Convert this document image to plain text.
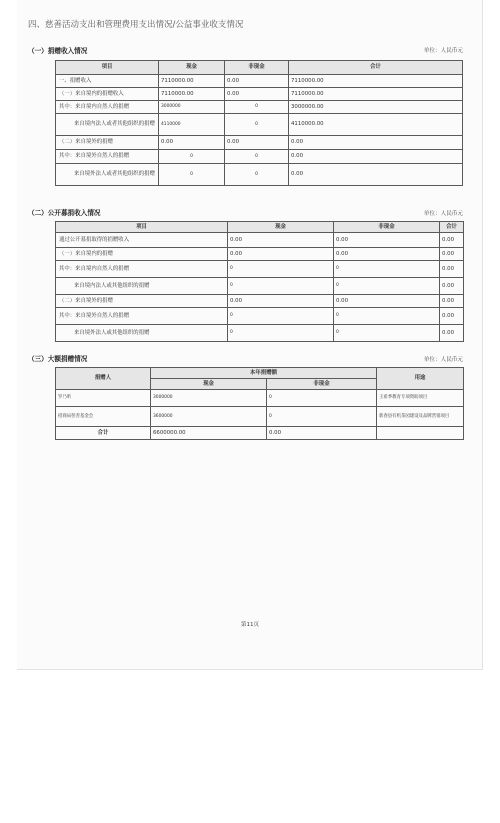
四、慈善活动支出和管理费用支出情况/公益事业收支情况
（一）捐赠收入情况	单位：人民币元
项目	现金	非现金	合计
一、捐赠收入	7110000.00	0.00	7110000.00
（一）来自境内的捐赠收入	7110000.00	0.00	7110000.00
其中：来自境内自然人的捐赠	3000000	0	3000000.00
来自境内法人或者其他组织的捐赠	4110000	0	4110000.00
（二）来自境外的捐赠	0.00	0.00	0.00
其中：来自境外自然人的捐赠	0	0	0.00
来自境外法人或者其他组织的捐赠	0	0	0.00
（二）公开募捐收入情况	单位：人民币元
项目	现金	非现金	合计
通过公开募捐取得的捐赠收入	0.00	0.00	0.00
（一）来自境内的捐赠	0.00	0.00	0.00
其中：来自境内自然人的捐赠	0	0	0.00
来自境内法人或其他组织的捐赠	0	0	0.00
（二）来自境外的捐赠	0.00	0.00	0.00
其中：来自境外自然人的捐赠	0	0	0.00
来自境外法人或其他组织的捐赠	0	0	0.00
（三）大额捐赠情况	单位：人民币元
捐赠人	本年捐赠额		用途
	现金	非现金	
罗乃昕	3000000	0	王希季教育专项资助项目
招商局慈善基金会	3600000	0	新春县有机茶园建设及品牌营销项目
合计	6600000.00	0.00	
第11页
